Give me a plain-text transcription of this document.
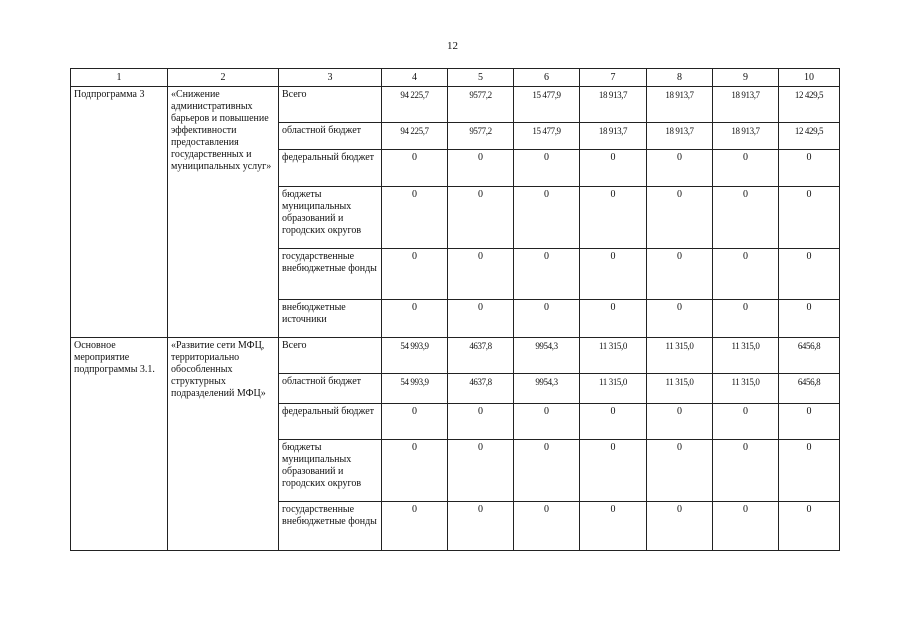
12
1	2	3	4	5	6	7	8	9	10
Подпрограмма 3	«Снижение административных барьеров и повышение эффективности предоставления государственных и муниципальных услуг»	Всего	94 225,7	9577,2	15 477,9	18 913,7	18 913,7	18 913,7	12 429,5
		областной бюджет	94 225,7	9577,2	15 477,9	18 913,7	18 913,7	18 913,7	12 429,5
		федеральный бюджет	0	0	0	0	0	0	0
		бюджеты муниципальных образований и городских округов	0	0	0	0	0	0	0
		государственные внебюджетные фонды	0	0	0	0	0	0	0
		внебюджетные источники	0	0	0	0	0	0	0
Основное мероприятие подпрограммы 3.1.	«Развитие сети МФЦ, территориально обособленных структурных подразделений МФЦ»	Всего	54 993,9	4637,8	9954,3	11 315,0	11 315,0	11 315,0	6456,8
		областной бюджет	54 993,9	4637,8	9954,3	11 315,0	11 315,0	11 315,0	6456,8
		федеральный бюджет	0	0	0	0	0	0	0
		бюджеты муниципальных образований и городских округов	0	0	0	0	0	0	0
		государственные внебюджетные фонды	0	0	0	0	0	0	0
